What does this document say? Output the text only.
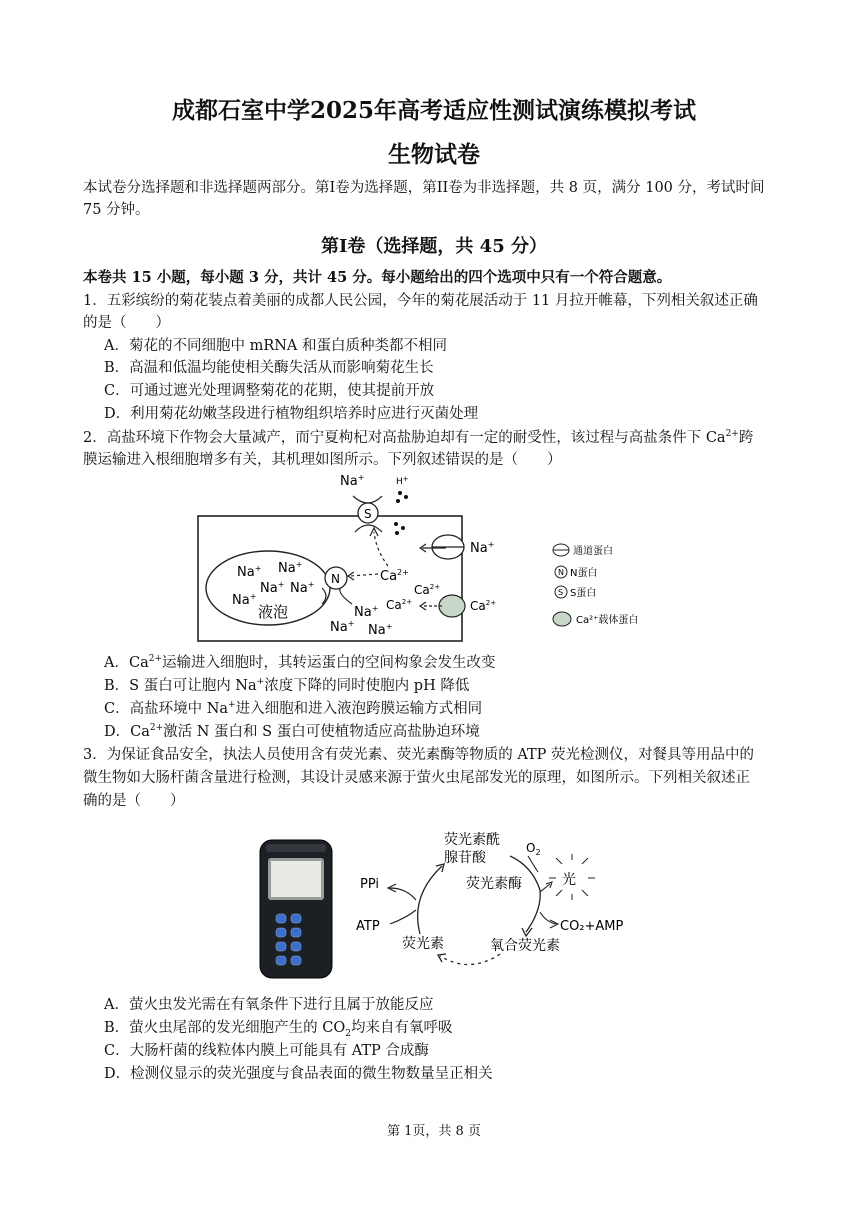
成都石室中学2025年高考适应性测试演练模拟考试
生物试卷
本试卷分选择题和非选择题两部分。第I卷为选择题，第II卷为非选择题，共 8 页，满分 100 分，考试时间
75 分钟。
第I卷（选择题，共 45 分）
本卷共 15 小题，每小题 3 分，共计 45 分。每小题给出的四个选项中只有一个符合题意。
1．五彩缤纷的菊花装点着美丽的成都人民公园，今年的菊花展活动于 11 月拉开帷幕，下列相关叙述正确
的是（　　）
A．菊花的不同细胞中 mRNA 和蛋白质种类都不相同
B．高温和低温均能使相关酶失活从而影响菊花生长
C．可通过遮光处理调整菊花的花期，使其提前开放
D．利用菊花幼嫩茎段进行植物组织培养时应进行灭菌处理
2．高盐环境下作物会大量减产，而宁夏枸杞对高盐胁迫却有一定的耐受性，该过程与高盐条件下 $Ca^{2+}$跨
膜运输进入根细胞增多有关，其机理如图所示。下列叙述错误的是（　　）
液泡
Na+ Na+
Na+ Na+
Na+
N
S
Na+	H+
$Ca^{2+}$
Na+
$Ca^{2+}$
$Ca^{2+}$
$Ca^{2+}$
Na+
Na+ Na+
通道蛋白
N N蛋白
S S蛋白
Ca²⁺载体蛋白
A．$Ca^{2+}$运输进入细胞时，其转运蛋白的空间构象会发生改变
B．S 蛋白可让胞内 Na+浓度下降的同时使胞内 pH 降低
C．高盐环境中 Na+进入细胞和进入液泡跨膜运输方式相同
D．$Ca^{2+}$激活 N 蛋白和 S 蛋白可使植物适应高盐胁迫环境
3．为保证食品安全，执法人员使用含有荧光素、荧光素酶等物质的 ATP 荧光检测仪，对餐具等用品中的
微生物如大肠杆菌含量进行检测，其设计灵感来源于萤火虫尾部发光的原理，如图所示。下列相关叙述正
确的是（　　）
荧光素酰
腺苷酸
荧光素酶
$O_2$
光
PPi
ATP	CO₂+AMP
荧光素	氧合荧光素
A．萤火虫发光需在有氧条件下进行且属于放能反应
B．萤火虫尾部的发光细胞产生的 $CO_2$均来自有氧呼吸
C．大肠杆菌的线粒体内膜上可能具有 ATP 合成酶
D．检测仪显示的荧光强度与食品表面的微生物数量呈正相关
第 1页，共 8 页
